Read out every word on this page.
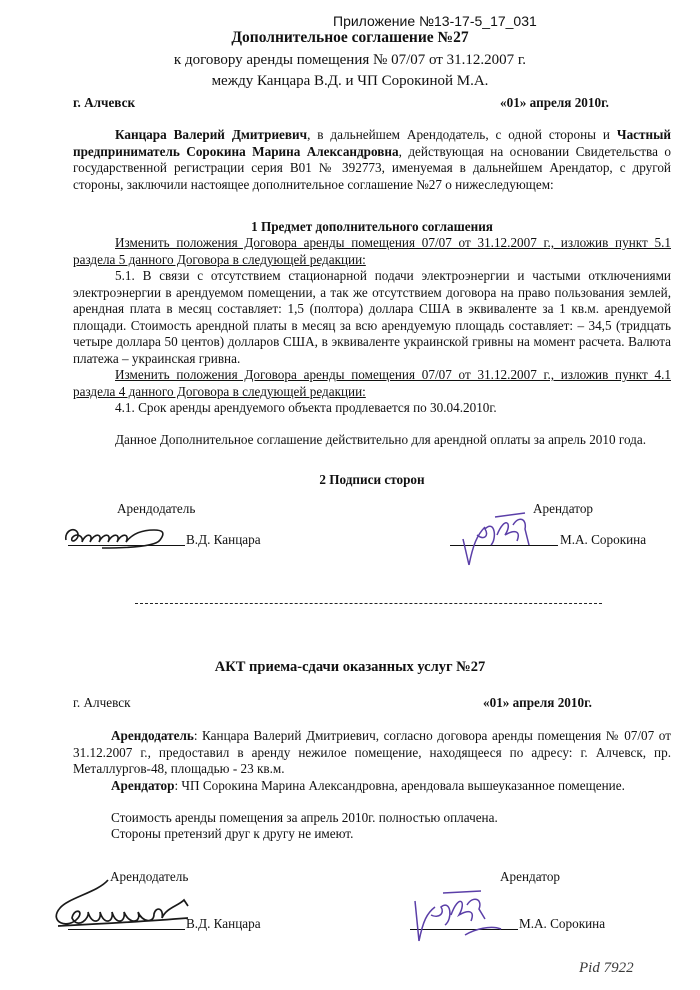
Приложение №13-17-5_17_031
Дополнительное соглашение №27
к договору аренды помещения № 07/07 от 31.12.2007 г.
между Канцара В.Д. и ЧП Сорокиной М.А.
г. Алчевск	«01» апреля 2010г.
Канцара Валерий Дмитриевич, в дальнейшем Арендодатель, с одной стороны и Частный предприниматель Сорокина Марина Александровна, действующая на основании Свидетельства о государственной регистрации серия В01 № 392773, именуемая в дальнейшем Арендатор, с другой стороны, заключили настоящее дополнительное соглашение №27 о нижеследующем:
1 Предмет дополнительного соглашения
Изменить положения Договора аренды помещения 07/07 от 31.12.2007 г., изложив пункт 5.1 раздела 5 данного Договора в следующей редакции:
5.1. В связи с отсутствием стационарной подачи электроэнергии и частыми отключениями электроэнергии в арендуемом помещении, а так же отсутствием договора на право пользования землей, арендная плата в месяц составляет: 1,5 (полтора) доллара США в эквиваленте за 1 кв.м. арендуемой площади. Стоимость арендной платы в месяц за всю арендуемую площадь составляет: – 34,5 (тридцать четыре доллара 50 центов) долларов США, в эквиваленте украинской гривны на момент расчета. Валюта платежа – украинская гривна.
Изменить положения Договора аренды помещения 07/07 от 31.12.2007 г., изложив пункт 4.1 раздела 4 данного Договора в следующей редакции:
4.1. Срок аренды арендуемого объекта продлевается по 30.04.2010г.
Данное Дополнительное соглашение действительно для арендной оплаты за апрель 2010 года.
2 Подписи сторон
Арендодатель	Арендатор
В.Д. Канцара	М.А. Сорокина
АКТ приема-сдачи оказанных услуг №27
г. Алчевск	«01» апреля 2010г.
Арендодатель: Канцара Валерий Дмитриевич, согласно договора аренды помещения № 07/07 от 31.12.2007 г., предоставил в аренду нежилое помещение, находящееся по адресу: г. Алчевск, пр. Металлургов-48, площадью - 23 кв.м.
Арендатор: ЧП Сорокина Марина Александровна, арендовала вышеуказанное помещение.
Стоимость аренды помещения за апрель 2010г. полностью оплачена.
Стороны претензий друг к другу не имеют.
Арендодатель	Арендатор
В.Д. Канцара	М.А. Сорокина
Pid 7922
